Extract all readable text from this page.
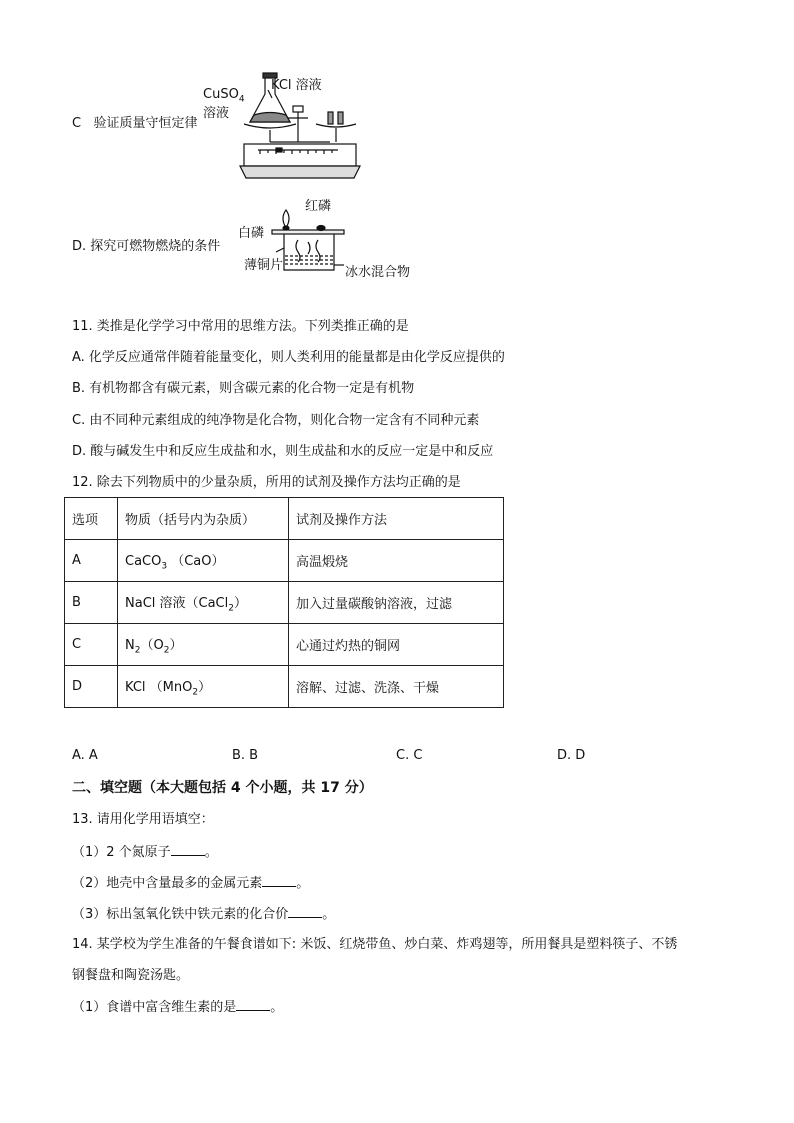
C 验证质量守恒定律
CuSO$_4$
溶液
KCl 溶液
D. 探究可燃物燃烧的条件
红磷
白磷
薄铜片	冰水混合物
11. 类推是化学学习中常用的思维方法。下列类推正确的是
A. 化学反应通常伴随着能量变化，则人类利用的能量都是由化学反应提供的
B. 有机物都含有碳元素，则含碳元素的化合物一定是有机物
C. 由不同种元素组成的纯净物是化合物，则化合物一定含有不同种元素
D. 酸与碱发生中和反应生成盐和水，则生成盐和水的反应一定是中和反应
12. 除去下列物质中的少量杂质，所用的试剂及操作方法均正确的是
选项	物质（括号内为杂质）	试剂及操作方法
A	CaCO$_3$ （CaO）	高温煅烧
B	NaCl 溶液（CaCl$_2$）	加入过量碳酸钠溶液，过滤
C	$N_2(O_2)$	心通过灼热的铜网
D	KCl （MnO$_2$）	溶解、过滤、洗涤、干燥
A. A	B. B	C. C	D. D
二、填空题（本大题包括 4 个小题，共 17 分）
13. 请用化学用语填空：
（1）2 个氮原子	。
（2）地壳中含量最多的金属元素	。
（3）标出氢氧化铁中铁元素的化合价	。
14. 某学校为学生准备的午餐食谱如下: 米饭、红烧带鱼、炒白菜、炸鸡翅等，所用餐具是塑料筷子、不锈
钢餐盘和陶瓷汤匙。
（1）食谱中富含维生素的是	。
